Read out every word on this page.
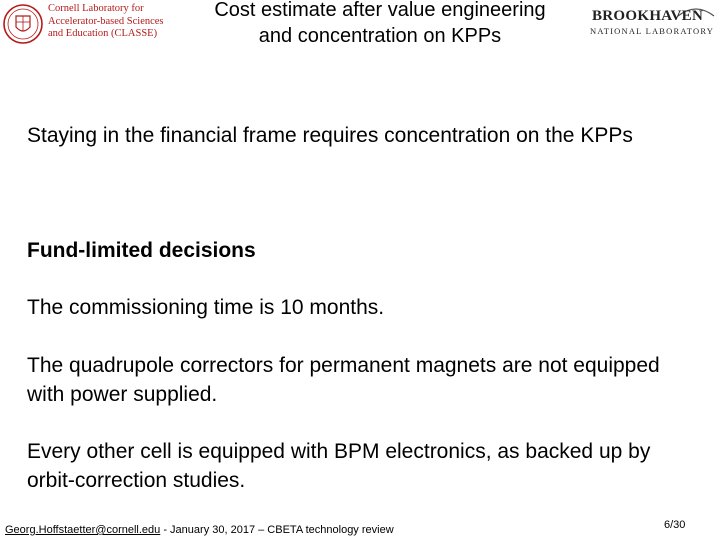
Cornell Laboratory for
Accelerator-based Sciences
and Education (CLASSE)
Cost estimate after value engineering
and concentration on KPPs
BROOKHAVEN
NATIONAL LABORATORY
Staying in the financial frame requires concentration on the KPPs
Fund-limited decisions
The commissioning time is 10 months.
The quadrupole correctors for permanent magnets are not equipped with power supplied.
Every other cell is equipped with BPM electronics, as backed up by orbit-correction studies.
Georg.Hoffstaetter@cornell.edu - January 30, 2017 – CBETA technology review	6/30
